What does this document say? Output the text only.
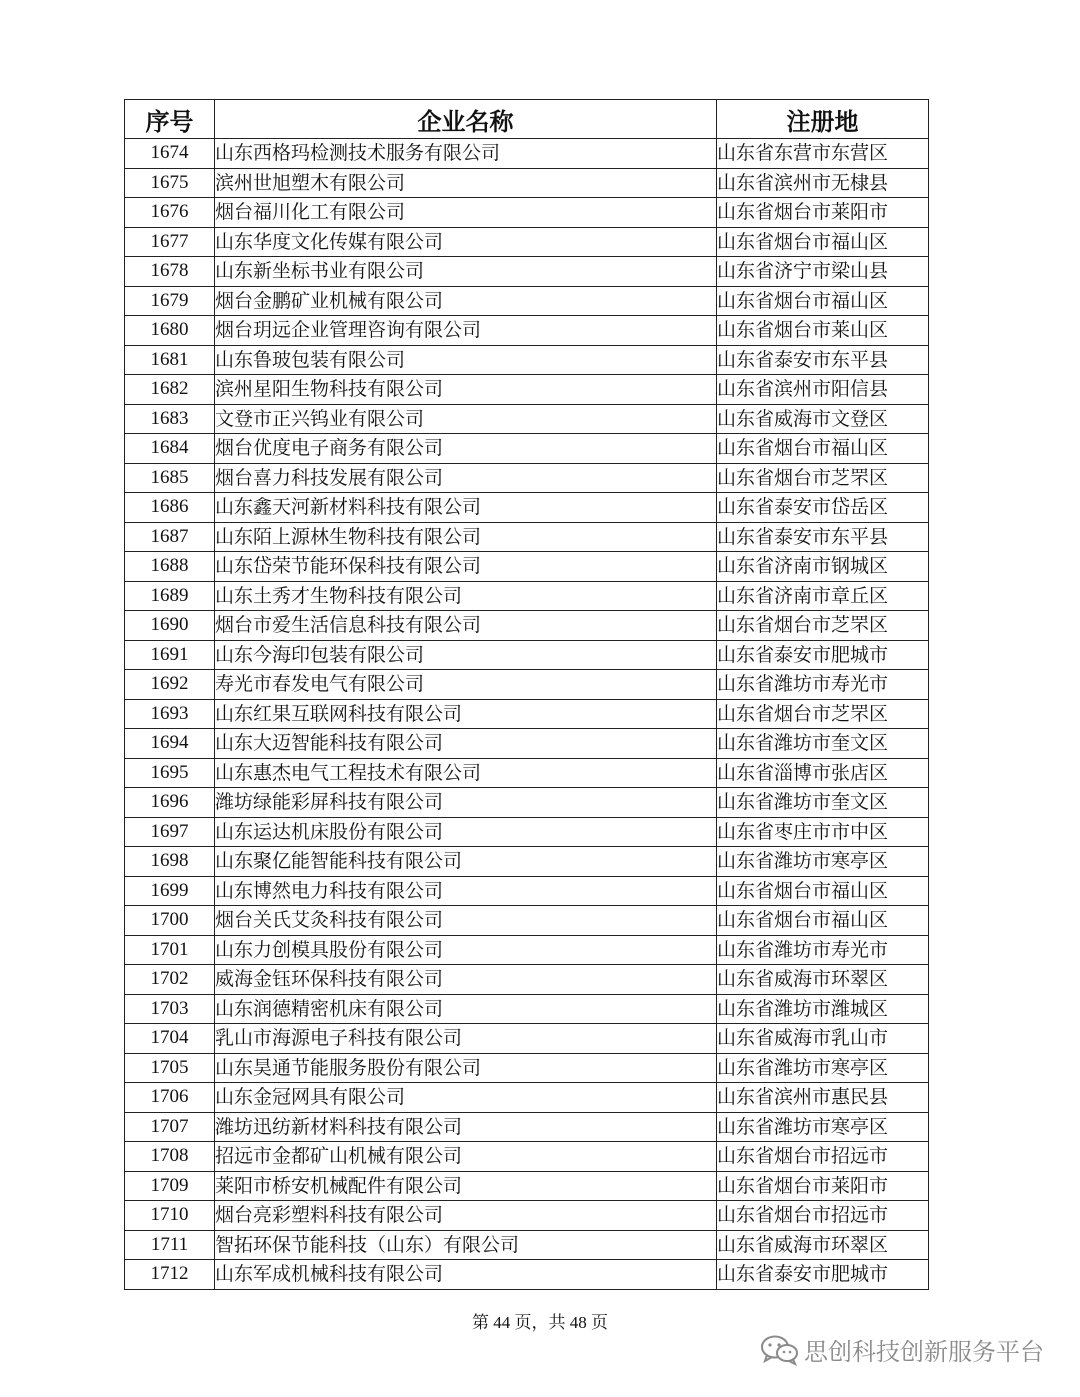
序号	企业名称	注册地
1674	山东西格玛检测技术服务有限公司	山东省东营市东营区
1675	滨州世旭塑木有限公司	山东省滨州市无棣县
1676	烟台福川化工有限公司	山东省烟台市莱阳市
1677	山东华度文化传媒有限公司	山东省烟台市福山区
1678	山东新坐标书业有限公司	山东省济宁市梁山县
1679	烟台金鹏矿业机械有限公司	山东省烟台市福山区
1680	烟台玥远企业管理咨询有限公司	山东省烟台市莱山区
1681	山东鲁玻包装有限公司	山东省泰安市东平县
1682	滨州星阳生物科技有限公司	山东省滨州市阳信县
1683	文登市正兴钨业有限公司	山东省威海市文登区
1684	烟台优度电子商务有限公司	山东省烟台市福山区
1685	烟台喜力科技发展有限公司	山东省烟台市芝罘区
1686	山东鑫天河新材料科技有限公司	山东省泰安市岱岳区
1687	山东陌上源林生物科技有限公司	山东省泰安市东平县
1688	山东岱荣节能环保科技有限公司	山东省济南市钢城区
1689	山东土秀才生物科技有限公司	山东省济南市章丘区
1690	烟台市爱生活信息科技有限公司	山东省烟台市芝罘区
1691	山东今海印包装有限公司	山东省泰安市肥城市
1692	寿光市春发电气有限公司	山东省潍坊市寿光市
1693	山东红果互联网科技有限公司	山东省烟台市芝罘区
1694	山东大迈智能科技有限公司	山东省潍坊市奎文区
1695	山东惠杰电气工程技术有限公司	山东省淄博市张店区
1696	潍坊绿能彩屏科技有限公司	山东省潍坊市奎文区
1697	山东运达机床股份有限公司	山东省枣庄市市中区
1698	山东聚亿能智能科技有限公司	山东省潍坊市寒亭区
1699	山东博然电力科技有限公司	山东省烟台市福山区
1700	烟台关氏艾灸科技有限公司	山东省烟台市福山区
1701	山东力创模具股份有限公司	山东省潍坊市寿光市
1702	威海金钰环保科技有限公司	山东省威海市环翠区
1703	山东润德精密机床有限公司	山东省潍坊市潍城区
1704	乳山市海源电子科技有限公司	山东省威海市乳山市
1705	山东昊通节能服务股份有限公司	山东省潍坊市寒亭区
1706	山东金冠网具有限公司	山东省滨州市惠民县
1707	潍坊迅纺新材料科技有限公司	山东省潍坊市寒亭区
1708	招远市金都矿山机械有限公司	山东省烟台市招远市
1709	莱阳市桥安机械配件有限公司	山东省烟台市莱阳市
1710	烟台亮彩塑料科技有限公司	山东省烟台市招远市
1711	智拓环保节能科技（山东）有限公司	山东省威海市环翠区
1712	山东军成机械科技有限公司	山东省泰安市肥城市
第 44 页，共 48 页
思创科技创新服务平台
